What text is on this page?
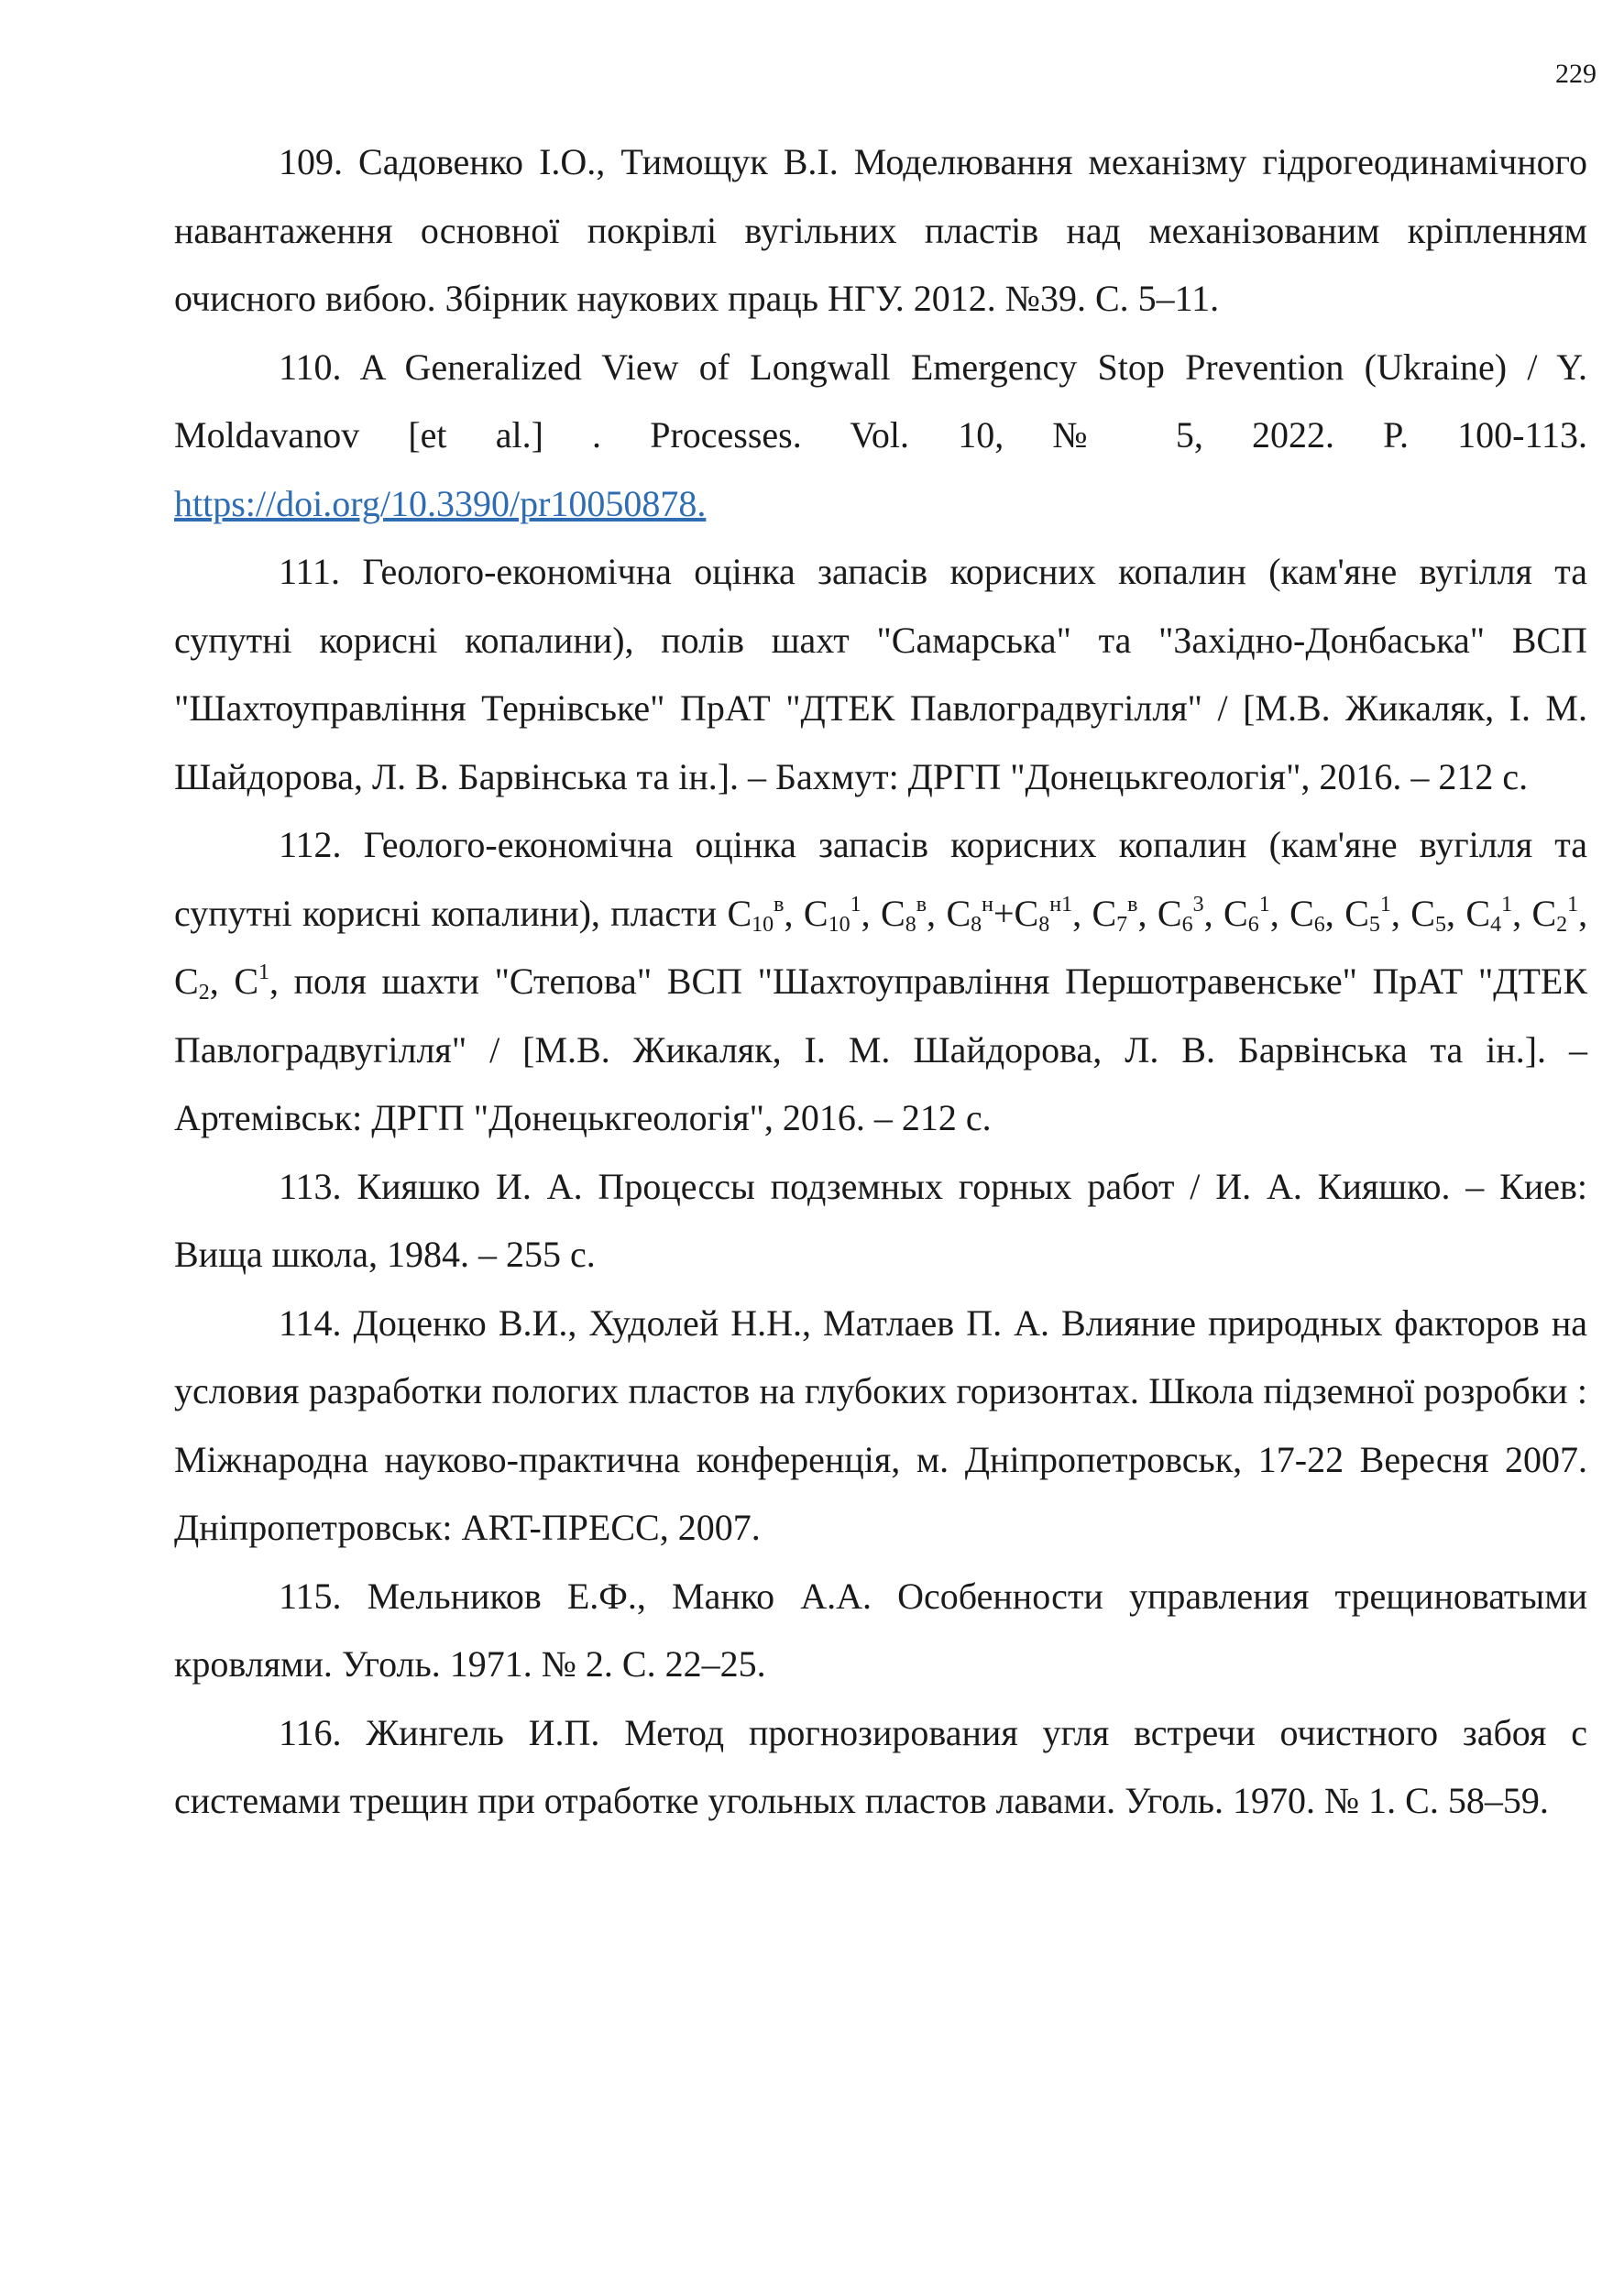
229

109. Садовенко І.О., Тимощук В.І. Моделювання механізму гідрогеодинамічного навантаження основної покрівлі вугільних пластів над механізованим кріпленням очисного вибою. Збірник наукових праць НГУ. 2012. №39. С. 5–11.

110. A Generalized View of Longwall Emergency Stop Prevention (Ukraine) / Y. Moldavanov [et al.] . Processes. Vol. 10, № 5, 2022. P. 100-113. https://doi.org/10.3390/pr10050878.

111. Геолого-економічна оцінка запасів корисних копалин (кам'яне вугілля та супутні корисні копалини), полів шахт "Самарська" та "Західно-Донбаська" ВСП "Шахтоуправління Тернівське" ПрАТ "ДТЕК Павлоградвугілля" / [М.В. Жикаляк, І. М. Шайдорова, Л. В. Барвінська та ін.]. – Бахмут: ДРГП "Донецькгеологія", 2016. – 212 с.

112. Геолого-економічна оцінка запасів корисних копалин (кам'яне вугілля та супутні корисні копалини), пласти $C_{10}^в$, $C_{10}^1$, $C_8^в$, $C_8^н+C_8^{н1}$, $C_7^в$, $C_6^3$, $C_6^1$, $C_6$, $C_5^1$, $C_5$, $C_4^1$, $C_2^1$, $C_2$, $C^1$, поля шахти "Степова" ВСП "Шахтоуправління Першотравенське" ПрАТ "ДТЕК Павлоградвугілля" / [М.В. Жикаляк, І. М. Шайдорова, Л. В. Барвінська та ін.]. – Артемівськ: ДРГП "Донецькгеологія", 2016. – 212 с.

113. Кияшко И. А. Процессы подземных горных работ / И. А. Кияшко. – Киев: Вища школа, 1984. – 255 с.

114. Доценко В.И., Худолей Н.Н., Матлаев П. А. Влияние природных факторов на условия разработки пологих пластов на глубоких горизонтах. Школа підземної розробки : Міжнародна науково-практична конференція, м. Дніпропетровськ, 17-22 Вересня 2007. Дніпропетровськ: ART-ПРЕСС, 2007.

115. Мельников Е.Ф., Манко А.А. Особенности управления трещиноватыми кровлями. Уголь. 1971. № 2. С. 22–25.

116. Жингель И.П. Метод прогнозирования угля встречи очистного забоя с системами трещин при отработке угольных пластов лавами. Уголь. 1970. № 1. С. 58–59.
